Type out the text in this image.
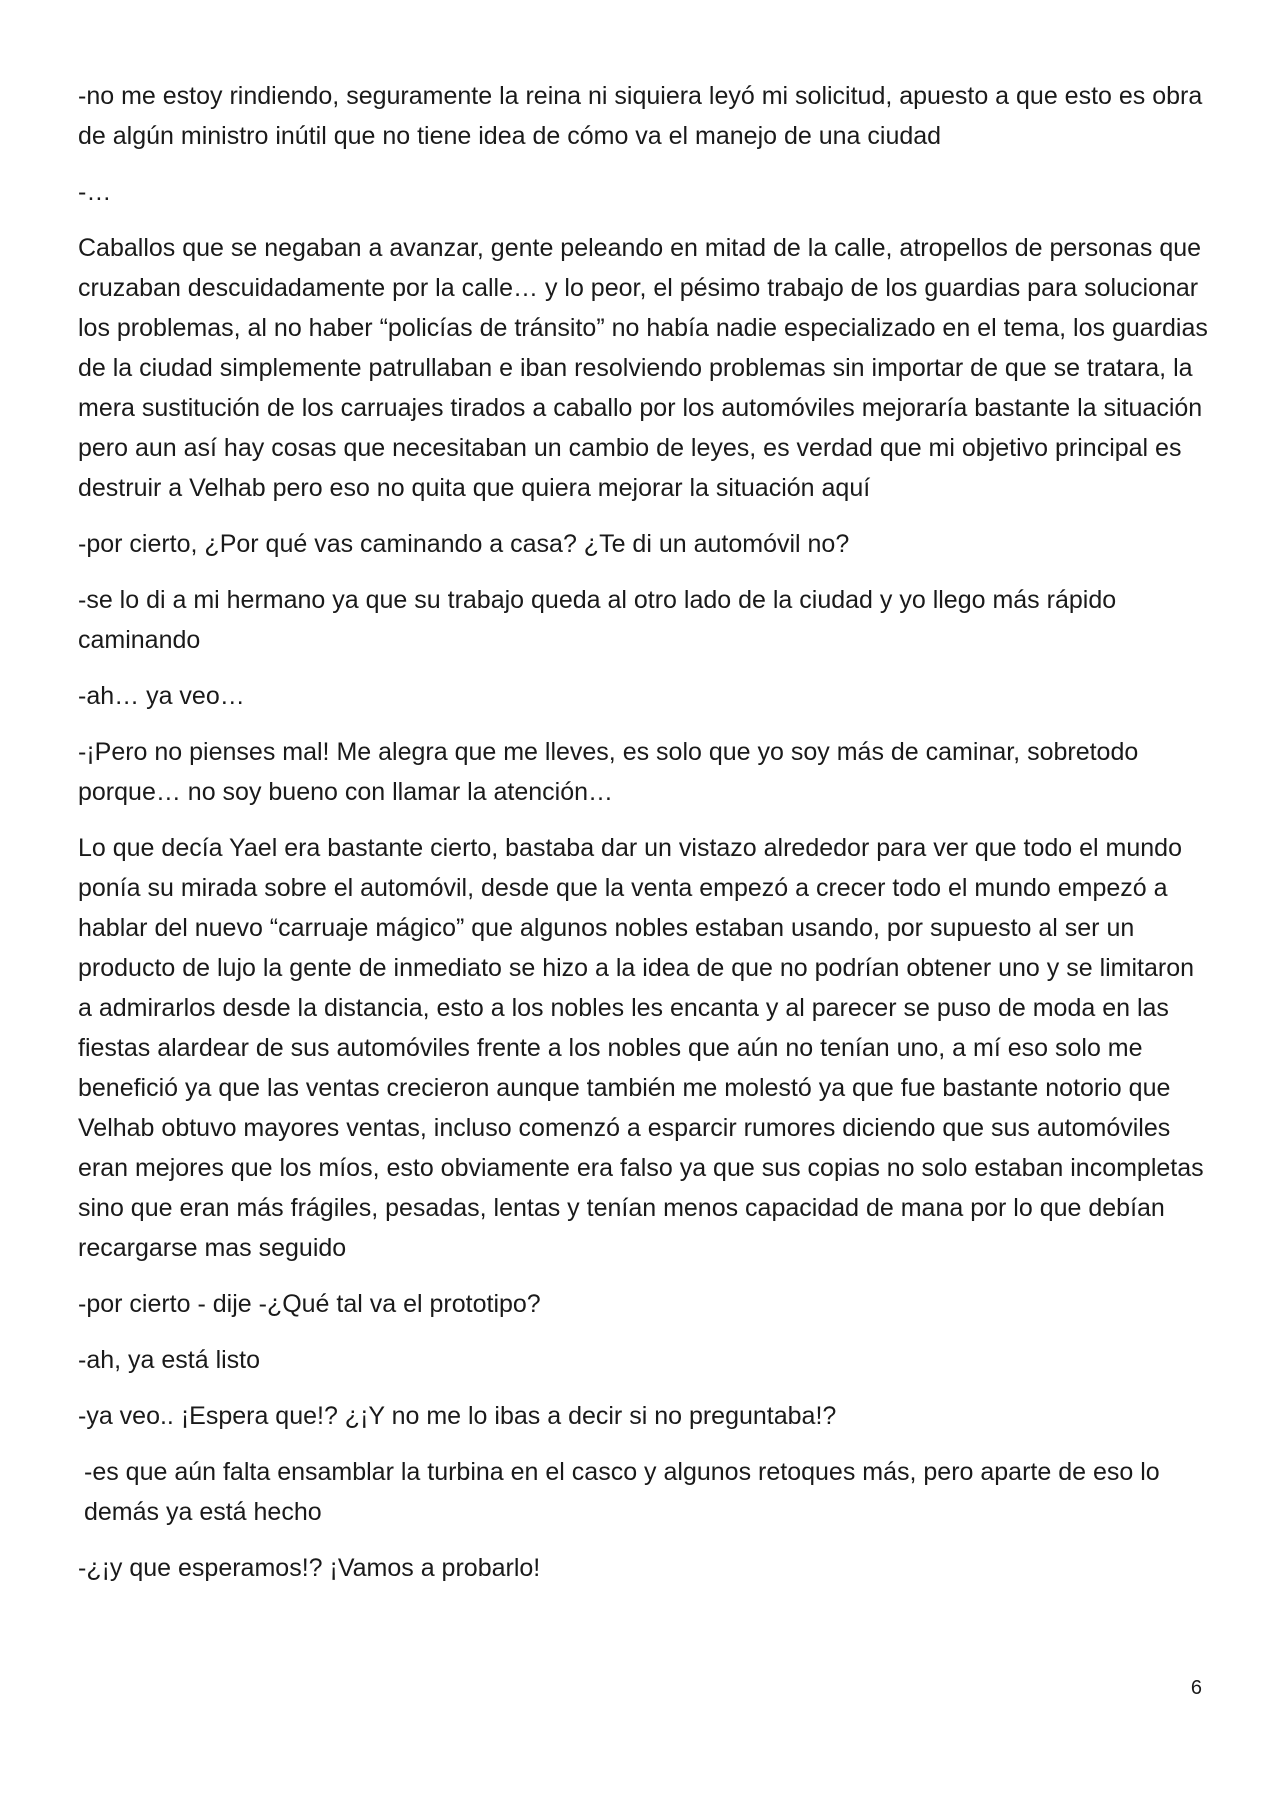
-no me estoy rindiendo, seguramente la reina ni siquiera leyó mi solicitud, apuesto a que esto es obra de algún ministro inútil que no tiene idea de cómo va el manejo de una ciudad

-…

Caballos que se negaban a avanzar, gente peleando en mitad de la calle, atropellos de personas que cruzaban descuidadamente por la calle… y lo peor, el pésimo trabajo de los guardias para solucionar los problemas, al no haber “policías de tránsito” no había nadie especializado en el tema, los guardias de la ciudad simplemente patrullaban e iban resolviendo problemas sin importar de que se tratara, la mera sustitución de los carruajes tirados a caballo por los automóviles mejoraría bastante la situación pero aun así hay cosas que necesitaban un cambio de leyes, es verdad que mi objetivo principal es destruir a Velhab pero eso no quita que quiera mejorar la situación aquí

-por cierto, ¿Por qué vas caminando a casa? ¿Te di un automóvil no?

-se lo di a mi hermano ya que su trabajo queda al otro lado de la ciudad y yo llego más rápido caminando

-ah… ya veo…

-¡Pero no pienses mal! Me alegra que me lleves, es solo que yo soy más de caminar, sobretodo porque… no soy bueno con llamar la atención…

Lo que decía Yael era bastante cierto, bastaba dar un vistazo alrededor para ver que todo el mundo ponía su mirada sobre el automóvil, desde que la venta empezó a crecer todo el mundo empezó a hablar del nuevo “carruaje mágico” que algunos nobles estaban usando, por supuesto al ser un producto de lujo la gente de inmediato se hizo a la idea de que no podrían obtener uno y se limitaron a admirarlos desde la distancia, esto a los nobles les encanta y al parecer se puso de moda en las fiestas alardear de sus automóviles frente a los nobles que aún no tenían uno, a mí eso solo me benefició ya que las ventas crecieron aunque también me molestó ya que fue bastante notorio que Velhab obtuvo mayores ventas, incluso comenzó a esparcir rumores diciendo que sus automóviles eran mejores que los míos, esto obviamente era falso ya que sus copias no solo estaban incompletas sino que eran más frágiles, pesadas, lentas y tenían menos capacidad de mana por lo que debían recargarse mas seguido

-por cierto - dije -¿Qué tal va el prototipo?

-ah, ya está listo

-ya veo.. ¡Espera que!? ¿¡Y no me lo ibas a decir si no preguntaba!?

-es que aún falta ensamblar la turbina en el casco y algunos retoques más, pero aparte de eso lo demás ya está hecho

-¿¡y que esperamos!? ¡Vamos a probarlo!

6
